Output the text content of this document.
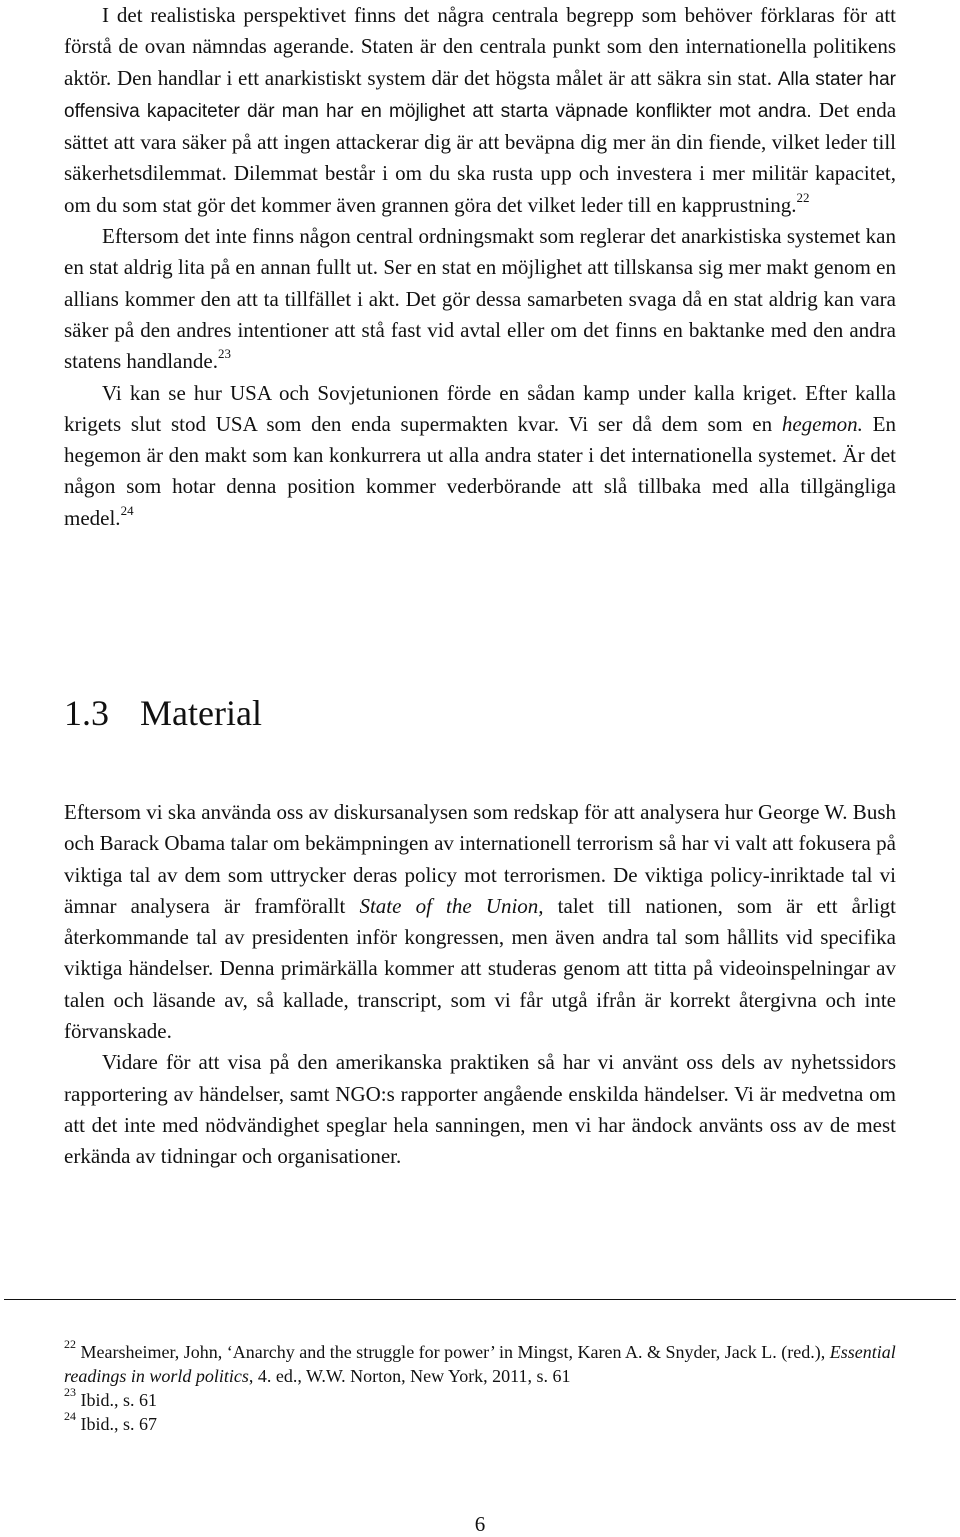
I det realistiska perspektivet finns det några centrala begrepp som behöver förklaras för att förstå de ovan nämndas agerande. Staten är den centrala punkt som den internationella politikens aktör. Den handlar i ett anarkistiskt system där det högsta målet är att säkra sin stat. Alla stater har offensiva kapaciteter där man har en möjlighet att starta väpnade konflikter mot andra. Det enda sättet att vara säker på att ingen attackerar dig är att beväpna dig mer än din fiende, vilket leder till säkerhetsdilemmat. Dilemmat består i om du ska rusta upp och investera i mer militär kapacitet, om du som stat gör det kommer även grannen göra det vilket leder till en kapprustning.$^{22}$

Eftersom det inte finns någon central ordningsmakt som reglerar det anarkistiska systemet kan en stat aldrig lita på en annan fullt ut. Ser en stat en möjlighet att tillskansa sig mer makt genom en allians kommer den att ta tillfället i akt. Det gör dessa samarbeten svaga då en stat aldrig kan vara säker på den andres intentioner att stå fast vid avtal eller om det finns en baktanke med den andra statens handlande.$^{23}$

Vi kan se hur USA och Sovjetunionen förde en sådan kamp under kalla kriget. Efter kalla krigets slut stod USA som den enda supermakten kvar. Vi ser då dem som en hegemon. En hegemon är den makt som kan konkurrera ut alla andra stater i det internationella systemet. Är det någon som hotar denna position kommer vederbörande att slå tillbaka med alla tillgängliga medel.$^{24}$

1.3 Material

Eftersom vi ska använda oss av diskursanalysen som redskap för att analysera hur George W. Bush och Barack Obama talar om bekämpningen av internationell terrorism så har vi valt att fokusera på viktiga tal av dem som uttrycker deras policy mot terrorismen. De viktiga policy-inriktade tal vi ämnar analysera är framförallt State of the Union, talet till nationen, som är ett årligt återkommande tal av presidenten inför kongressen, men även andra tal som hållits vid specifika viktiga händelser. Denna primärkälla kommer att studeras genom att titta på videoinspelningar av talen och läsande av, så kallade, transcript, som vi får utgå ifrån är korrekt återgivna och inte förvanskade.

Vidare för att visa på den amerikanska praktiken så har vi använt oss dels av nyhetssidors rapportering av händelser, samt NGO:s rapporter angående enskilda händelser. Vi är medvetna om att det inte med nödvändighet speglar hela sanningen, men vi har ändock använts oss av de mest erkända av tidningar och organisationer.

$^{22}$ Mearsheimer, John, ‘Anarchy and the struggle for power’ in Mingst, Karen A. & Snyder, Jack L. (red.), Essential readings in world politics, 4. ed., W.W. Norton, New York, 2011, s. 61

$^{23}$ Ibid., s. 61

$^{24}$ Ibid., s. 67

6
